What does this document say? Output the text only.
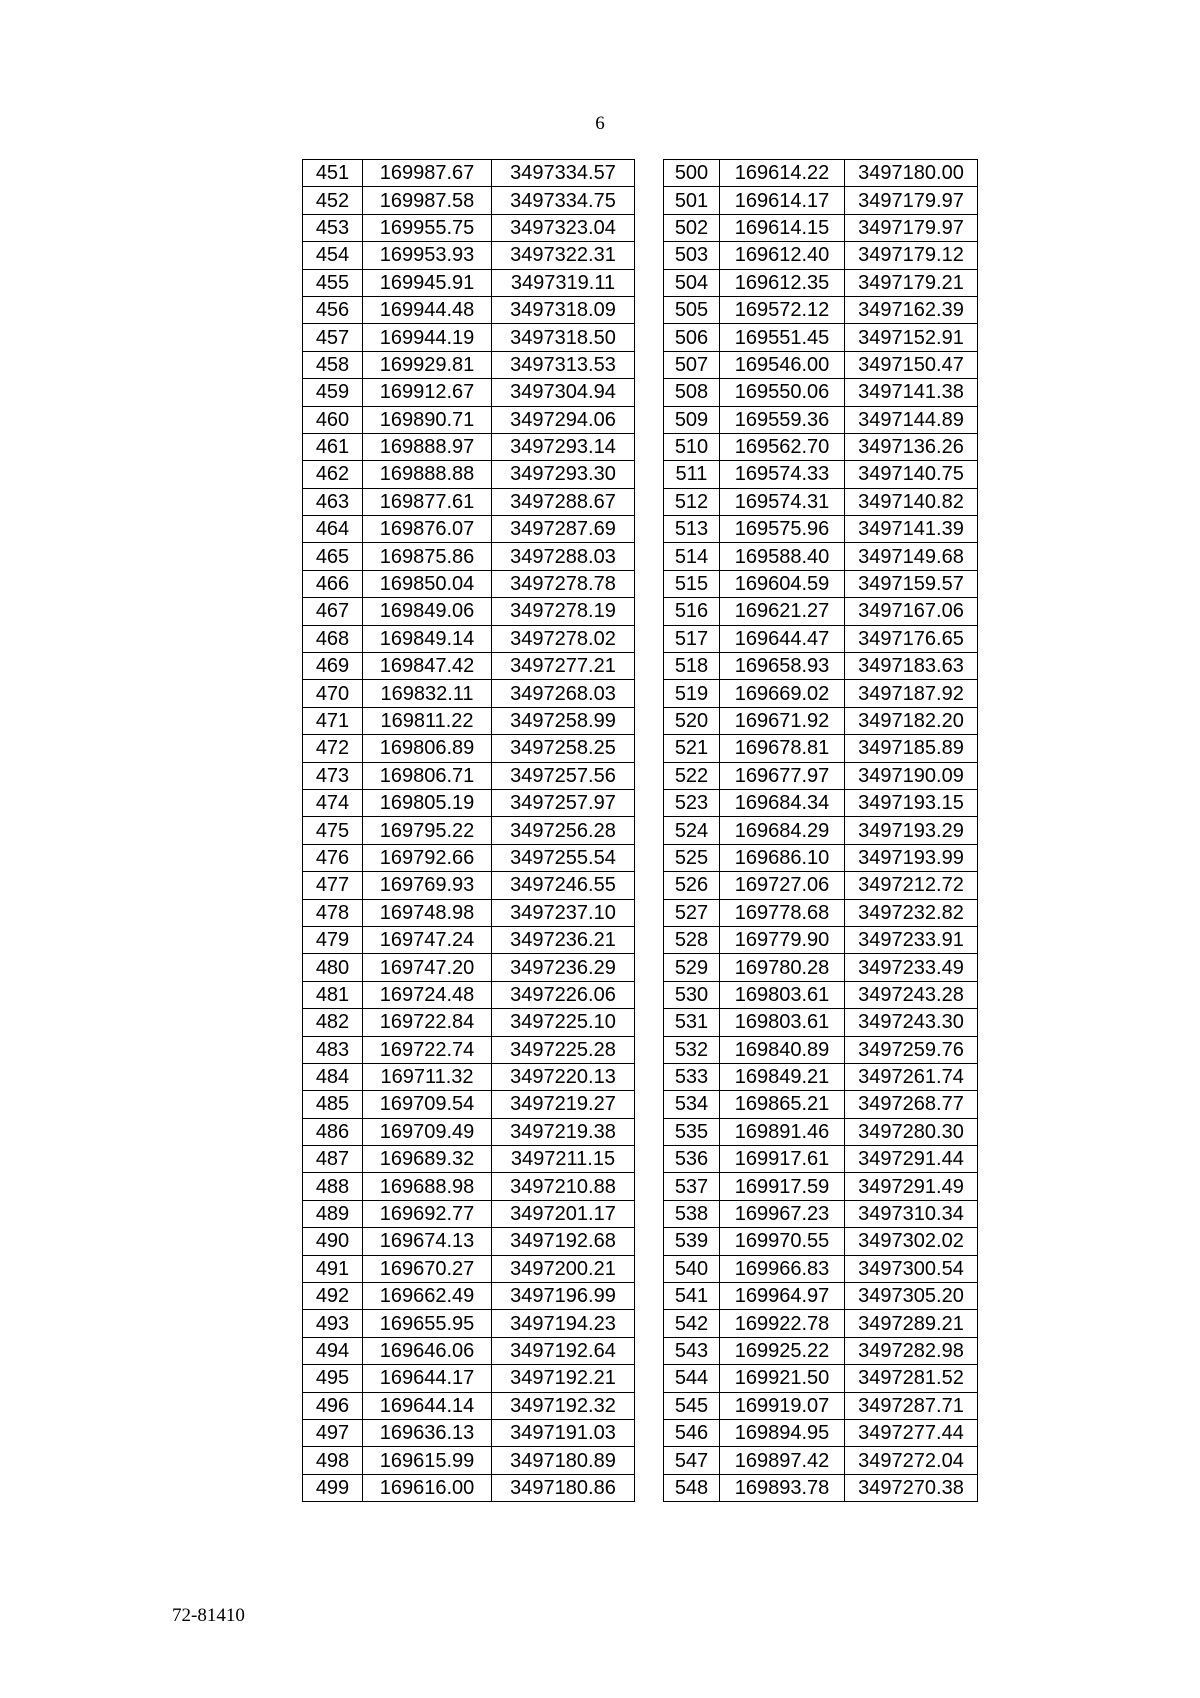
6
451	169987.67	3497334.57
452	169987.58	3497334.75
453	169955.75	3497323.04
454	169953.93	3497322.31
455	169945.91	3497319.11
456	169944.48	3497318.09
457	169944.19	3497318.50
458	169929.81	3497313.53
459	169912.67	3497304.94
460	169890.71	3497294.06
461	169888.97	3497293.14
462	169888.88	3497293.30
463	169877.61	3497288.67
464	169876.07	3497287.69
465	169875.86	3497288.03
466	169850.04	3497278.78
467	169849.06	3497278.19
468	169849.14	3497278.02
469	169847.42	3497277.21
470	169832.11	3497268.03
471	169811.22	3497258.99
472	169806.89	3497258.25
473	169806.71	3497257.56
474	169805.19	3497257.97
475	169795.22	3497256.28
476	169792.66	3497255.54
477	169769.93	3497246.55
478	169748.98	3497237.10
479	169747.24	3497236.21
480	169747.20	3497236.29
481	169724.48	3497226.06
482	169722.84	3497225.10
483	169722.74	3497225.28
484	169711.32	3497220.13
485	169709.54	3497219.27
486	169709.49	3497219.38
487	169689.32	3497211.15
488	169688.98	3497210.88
489	169692.77	3497201.17
490	169674.13	3497192.68
491	169670.27	3497200.21
492	169662.49	3497196.99
493	169655.95	3497194.23
494	169646.06	3497192.64
495	169644.17	3497192.21
496	169644.14	3497192.32
497	169636.13	3497191.03
498	169615.99	3497180.89
499	169616.00	3497180.86
500	169614.22	3497180.00
501	169614.17	3497179.97
502	169614.15	3497179.97
503	169612.40	3497179.12
504	169612.35	3497179.21
505	169572.12	3497162.39
506	169551.45	3497152.91
507	169546.00	3497150.47
508	169550.06	3497141.38
509	169559.36	3497144.89
510	169562.70	3497136.26
511	169574.33	3497140.75
512	169574.31	3497140.82
513	169575.96	3497141.39
514	169588.40	3497149.68
515	169604.59	3497159.57
516	169621.27	3497167.06
517	169644.47	3497176.65
518	169658.93	3497183.63
519	169669.02	3497187.92
520	169671.92	3497182.20
521	169678.81	3497185.89
522	169677.97	3497190.09
523	169684.34	3497193.15
524	169684.29	3497193.29
525	169686.10	3497193.99
526	169727.06	3497212.72
527	169778.68	3497232.82
528	169779.90	3497233.91
529	169780.28	3497233.49
530	169803.61	3497243.28
531	169803.61	3497243.30
532	169840.89	3497259.76
533	169849.21	3497261.74
534	169865.21	3497268.77
535	169891.46	3497280.30
536	169917.61	3497291.44
537	169917.59	3497291.49
538	169967.23	3497310.34
539	169970.55	3497302.02
540	169966.83	3497300.54
541	169964.97	3497305.20
542	169922.78	3497289.21
543	169925.22	3497282.98
544	169921.50	3497281.52
545	169919.07	3497287.71
546	169894.95	3497277.44
547	169897.42	3497272.04
548	169893.78	3497270.38
72-81410
